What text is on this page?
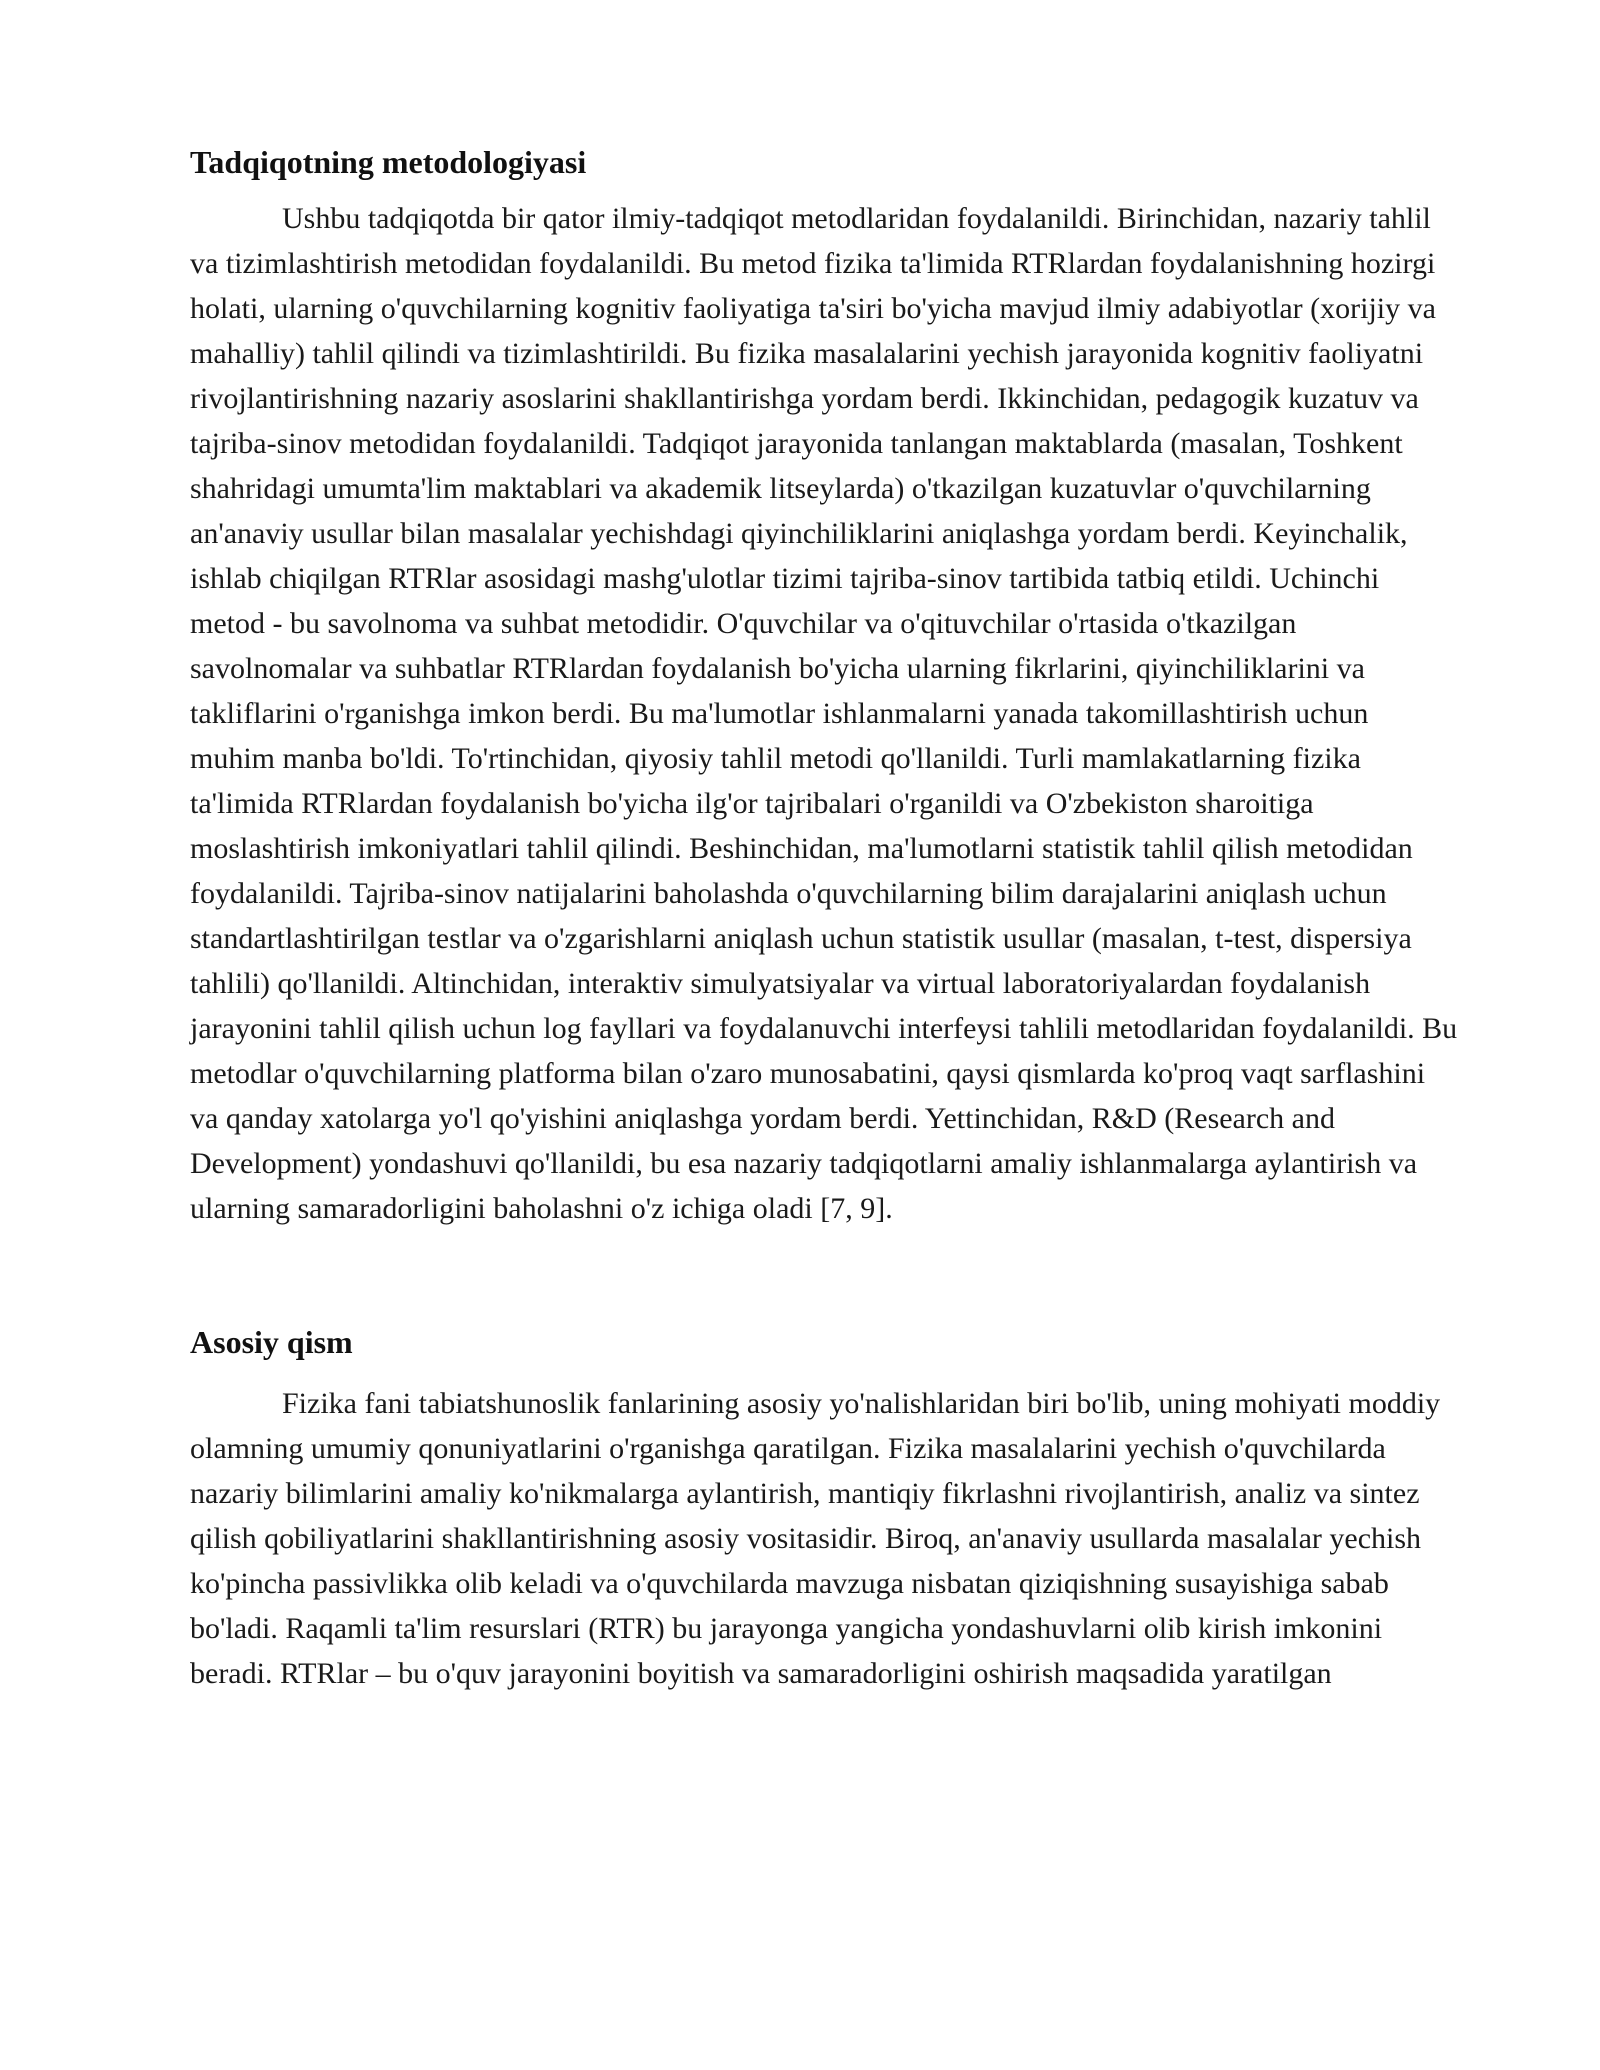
Tadqiqotning metodologiyasi

Ushbu tadqiqotda bir qator ilmiy-tadqiqot metodlaridan foydalanildi. Birinchidan, nazariy tahlil va tizimlashtirish metodidan foydalanildi. Bu metod fizika ta'limida RTRlardan foydalanishning hozirgi holati, ularning o'quvchilarning kognitiv faoliyatiga ta'siri bo'yicha mavjud ilmiy adabiyotlar (xorijiy va mahalliy) tahlil qilindi va tizimlashtirildi. Bu fizika masalalarini yechish jarayonida kognitiv faoliyatni rivojlantirishning nazariy asoslarini shakllantirishga yordam berdi. Ikkinchidan, pedagogik kuzatuv va tajriba-sinov metodidan foydalanildi. Tadqiqot jarayonida tanlangan maktablarda (masalan, Toshkent shahridagi umumta'lim maktablari va akademik litseylarda) o'tkazilgan kuzatuvlar o'quvchilarning an'anaviy usullar bilan masalalar yechishdagi qiyinchiliklarini aniqlashga yordam berdi. Keyinchalik, ishlab chiqilgan RTRlar asosidagi mashg'ulotlar tizimi tajriba-sinov tartibida tatbiq etildi. Uchinchi metod - bu savolnoma va suhbat metodidir. O'quvchilar va o'qituvchilar o'rtasida o'tkazilgan savolnomalar va suhbatlar RTRlardan foydalanish bo'yicha ularning fikrlarini, qiyinchiliklarini va takliflarini o'rganishga imkon berdi. Bu ma'lumotlar ishlanmalarni yanada takomillashtirish uchun muhim manba bo'ldi. To'rtinchidan, qiyosiy tahlil metodi qo'llanildi. Turli mamlakatlarning fizika ta'limida RTRlardan foydalanish bo'yicha ilg'or tajribalari o'rganildi va O'zbekiston sharoitiga moslashtirish imkoniyatlari tahlil qilindi. Beshinchidan, ma'lumotlarni statistik tahlil qilish metodidan foydalanildi. Tajriba-sinov natijalarini baholashda o'quvchilarning bilim darajalarini aniqlash uchun standartlashtirilgan testlar va o'zgarishlarni aniqlash uchun statistik usullar (masalan, t-test, dispersiya tahlili) qo'llanildi. Altinchidan, interaktiv simulyatsiyalar va virtual laboratoriyalardan foydalanish jarayonini tahlil qilish uchun log fayllari va foydalanuvchi interfeysi tahlili metodlaridan foydalanildi. Bu metodlar o'quvchilarning platforma bilan o'zaro munosabatini, qaysi qismlarda ko'proq vaqt sarflashini va qanday xatolarga yo'l qo'yishini aniqlashga yordam berdi. Yettinchidan, R&D (Research and Development) yondashuvi qo'llanildi, bu esa nazariy tadqiqotlarni amaliy ishlanmalarga aylantirish va ularning samaradorligini baholashni o'z ichiga oladi [7, 9].

Asosiy qism

Fizika fani tabiatshunoslik fanlarining asosiy yo'nalishlaridan biri bo'lib, uning mohiyati moddiy olamning umumiy qonuniyatlarini o'rganishga qaratilgan. Fizika masalalarini yechish o'quvchilarda nazariy bilimlarini amaliy ko'nikmalarga aylantirish, mantiqiy fikrlashni rivojlantirish, analiz va sintez qilish qobiliyatlarini shakllantirishning asosiy vositasidir. Biroq, an'anaviy usullarda masalalar yechish ko'pincha passivlikka olib keladi va o'quvchilarda mavzuga nisbatan qiziqishning susayishiga sabab bo'ladi. Raqamli ta'lim resurslari (RTR) bu jarayonga yangicha yondashuvlarni olib kirish imkonini beradi. RTRlar – bu o'quv jarayonini boyitish va samaradorligini oshirish maqsadida yaratilgan
